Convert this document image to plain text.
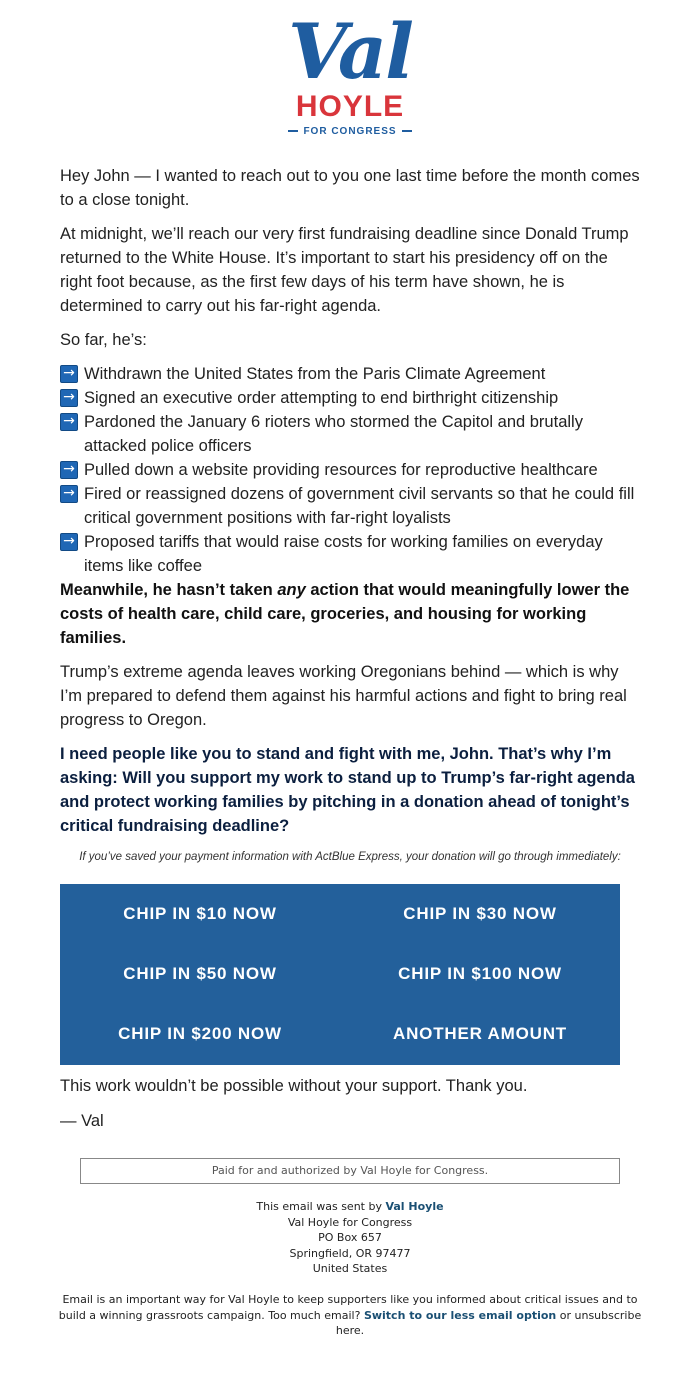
Val
HOYLE
FOR CONGRESS

Hey John — I wanted to reach out to you one last time before the month comes to a close tonight.

At midnight, we’ll reach our very first fundraising deadline since Donald Trump returned to the White House. It’s important to start his presidency off on the right foot because, as the first few days of his term have shown, he is determined to carry out his far-right agenda.

So far, he’s:

→ Withdrawn the United States from the Paris Climate Agreement
→ Signed an executive order attempting to end birthright citizenship
→ Pardoned the January 6 rioters who stormed the Capitol and brutally attacked police officers
→ Pulled down a website providing resources for reproductive healthcare
→ Fired or reassigned dozens of government civil servants so that he could fill critical government positions with far-right loyalists
→ Proposed tariffs that would raise costs for working families on everyday items like coffee

Meanwhile, he hasn’t taken any action that would meaningfully lower the costs of health care, child care, groceries, and housing for working families.

Trump’s extreme agenda leaves working Oregonians behind — which is why I’m prepared to defend them against his harmful actions and fight to bring real progress to Oregon.

I need people like you to stand and fight with me, John. That’s why I’m asking: Will you support my work to stand up to Trump’s far-right agenda and protect working families by pitching in a donation ahead of tonight’s critical fundraising deadline?

If you’ve saved your payment information with ActBlue Express, your donation will go through immediately:
CHIP IN $10 NOW	CHIP IN $30 NOW
CHIP IN $50 NOW	CHIP IN $100 NOW
CHIP IN $200 NOW	ANOTHER AMOUNT

This work wouldn’t be possible without your support. Thank you.

— Val

Paid for and authorized by Val Hoyle for Congress.
This email was sent by Val Hoyle
Val Hoyle for Congress
PO Box 657
Springfield, OR 97477
United States
Email is an important way for Val Hoyle to keep supporters like you informed about critical issues and to build a winning grassroots campaign. Too much email? Switch to our less email option or unsubscribe here.
